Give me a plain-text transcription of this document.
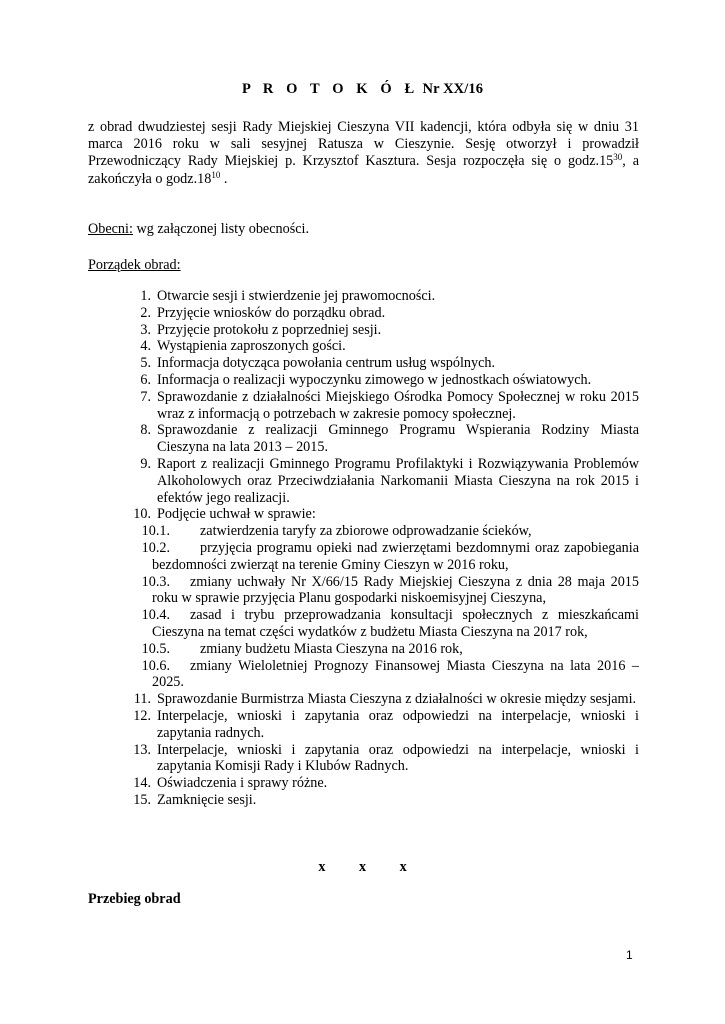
P R O T O K Ó Ł Nr XX/16
z obrad dwudziestej sesji Rady Miejskiej Cieszyna VII kadencji, która odbyła się w dniu 31 marca 2016 roku w sali sesyjnej Ratusza w Cieszynie. Sesję otworzył i prowadził Przewodniczący Rady Miejskiej p. Krzysztof Kasztura. Sesja rozpoczęła się o $godz.15^{30}$, a zakończyła o $godz.18^{10}$ .
Obecni: wg załączonej listy obecności.
Porządek obrad:
1. Otwarcie sesji i stwierdzenie jej prawomocności.
2. Przyjęcie wniosków do porządku obrad.
3. Przyjęcie protokołu z poprzedniej sesji.
4. Wystąpienia zaproszonych gości.
5. Informacja dotycząca powołania centrum usług wspólnych.
6. Informacja o realizacji wypoczynku zimowego w jednostkach oświatowych.
7. Sprawozdanie z działalności Miejskiego Ośrodka Pomocy Społecznej w roku 2015 wraz z informacją o potrzebach w zakresie pomocy społecznej.
8. Sprawozdanie z realizacji Gminnego Programu Wspierania Rodziny Miasta Cieszyna na lata 2013 – 2015.
9. Raport z realizacji Gminnego Programu Profilaktyki i Rozwiązywania Problemów Alkoholowych oraz Przeciwdziałania Narkomanii Miasta Cieszyna na rok 2015 i efektów jego realizacji.
10. Podjęcie uchwał w sprawie:
10.1.	zatwierdzenia taryfy za zbiorowe odprowadzanie ścieków,
10.2.	przyjęcia programu opieki nad zwierzętami bezdomnymi oraz zapobiegania bezdomności zwierząt na terenie Gminy Cieszyn w 2016 roku,
10.3.	zmiany uchwały Nr X/66/15 Rady Miejskiej Cieszyna z dnia 28 maja 2015 roku w sprawie przyjęcia Planu gospodarki niskoemisyjnej Cieszyna,
10.4.	zasad i trybu przeprowadzania konsultacji społecznych z mieszkańcami Cieszyna na temat części wydatków z budżetu Miasta Cieszyna na 2017 rok,
10.5.	zmiany budżetu Miasta Cieszyna na 2016 rok,
10.6.	zmiany Wieloletniej Prognozy Finansowej Miasta Cieszyna na lata 2016 – 2025.
11. Sprawozdanie Burmistrza Miasta Cieszyna z działalności w okresie między sesjami.
12. Interpelacje, wnioski i zapytania oraz odpowiedzi na interpelacje, wnioski i zapytania radnych.
13. Interpelacje, wnioski i zapytania oraz odpowiedzi na interpelacje, wnioski i zapytania Komisji Rady i Klubów Radnych.
14. Oświadczenia i sprawy różne.
15. Zamknięcie sesji.
x x x
Przebieg obrad
1
